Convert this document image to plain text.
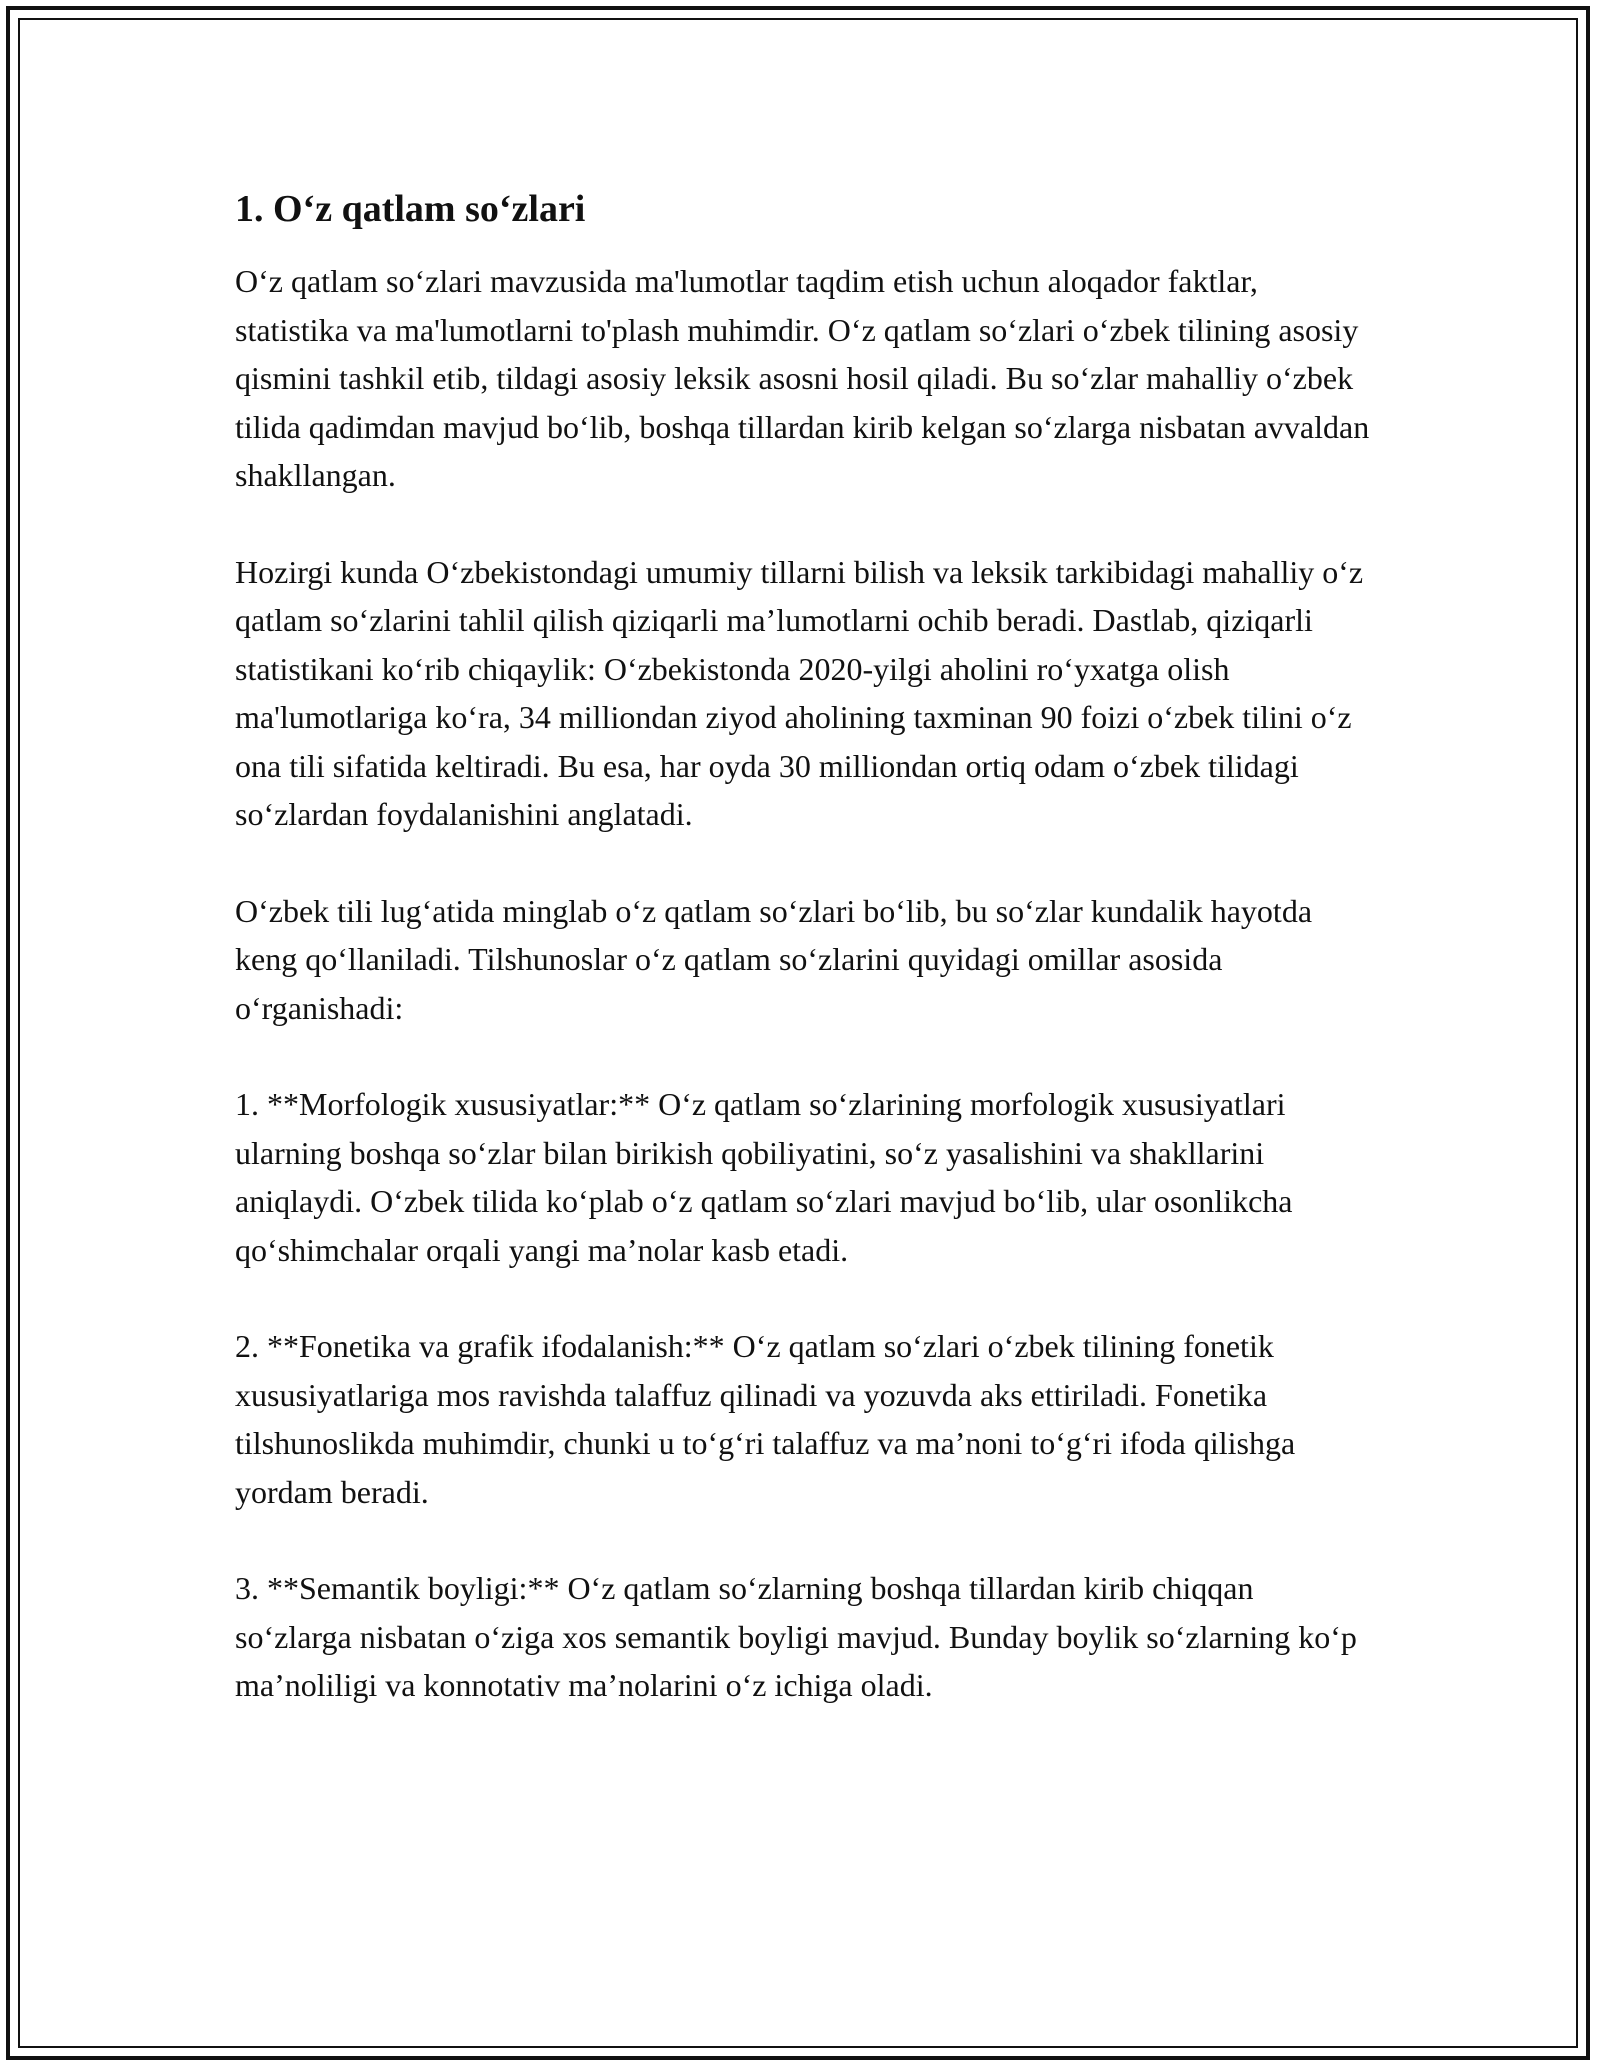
1. O‘z qatlam so‘zlari

O‘z qatlam so‘zlari mavzusida ma'lumotlar taqdim etish uchun aloqador faktlar, statistika va ma'lumotlarni to'plash muhimdir. O‘z qatlam so‘zlari o‘zbek tilining asosiy qismini tashkil etib, tildagi asosiy leksik asosni hosil qiladi. Bu so‘zlar mahalliy o‘zbek tilida qadimdan mavjud bo‘lib, boshqa tillardan kirib kelgan so‘zlarga nisbatan avvaldan shakllangan.

Hozirgi kunda O‘zbekistondagi umumiy tillarni bilish va leksik tarkibidagi mahalliy o‘z qatlam so‘zlarini tahlil qilish qiziqarli ma’lumotlarni ochib beradi. Dastlab, qiziqarli statistikani ko‘rib chiqaylik: O‘zbekistonda 2020-yilgi aholini ro‘yxatga olish ma'lumotlariga ko‘ra, 34 milliondan ziyod aholining taxminan 90 foizi o‘zbek tilini o‘z ona tili sifatida keltiradi. Bu esa, har oyda 30 milliondan ortiq odam o‘zbek tilidagi so‘zlardan foydalanishini anglatadi.

O‘zbek tili lug‘atida minglab o‘z qatlam so‘zlari bo‘lib, bu so‘zlar kundalik hayotda keng qo‘llaniladi. Tilshunoslar o‘z qatlam so‘zlarini quyidagi omillar asosida o‘rganishadi:

1. **Morfologik xususiyatlar:** O‘z qatlam so‘zlarining morfologik xususiyatlari ularning boshqa so‘zlar bilan birikish qobiliyatini, so‘z yasalishini va shakllarini aniqlaydi. O‘zbek tilida ko‘plab o‘z qatlam so‘zlari mavjud bo‘lib, ular osonlikcha qo‘shimchalar orqali yangi ma’nolar kasb etadi.

2. **Fonetika va grafik ifodalanish:** O‘z qatlam so‘zlari o‘zbek tilining fonetik xususiyatlariga mos ravishda talaffuz qilinadi va yozuvda aks ettiriladi. Fonetika tilshunoslikda muhimdir, chunki u to‘g‘ri talaffuz va ma’noni to‘g‘ri ifoda qilishga yordam beradi.

3. **Semantik boyligi:** O‘z qatlam so‘zlarning boshqa tillardan kirib chiqqan so‘zlarga nisbatan o‘ziga xos semantik boyligi mavjud. Bunday boylik so‘zlarning ko‘p ma’noliligi va konnotativ ma’nolarini o‘z ichiga oladi.
